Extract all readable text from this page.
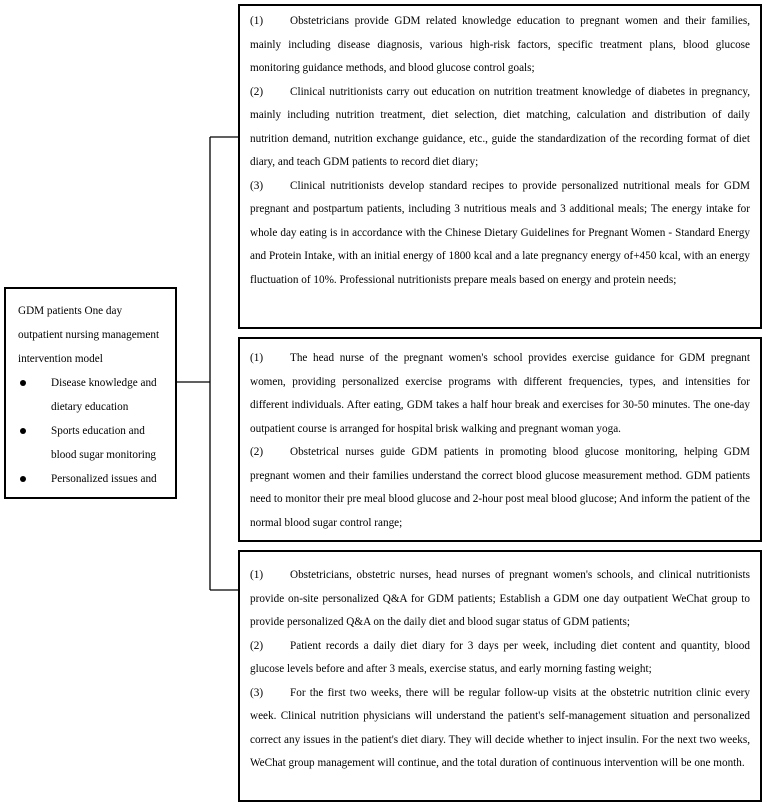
GDM patients One day outpatient nursing management intervention model

Disease knowledge and dietary education
Sports education and blood sugar monitoring
Personalized issues and

(1) Obstetricians provide GDM related knowledge education to pregnant women and their families, mainly including disease diagnosis, various high-risk factors, specific treatment plans, blood glucose monitoring guidance methods, and blood glucose control goals;

(2) Clinical nutritionists carry out education on nutrition treatment knowledge of diabetes in pregnancy, mainly including nutrition treatment, diet selection, diet matching, calculation and distribution of daily nutrition demand, nutrition exchange guidance, etc., guide the standardization of the recording format of diet diary, and teach GDM patients to record diet diary;

(3) Clinical nutritionists develop standard recipes to provide personalized nutritional meals for GDM pregnant and postpartum patients, including 3 nutritious meals and 3 additional meals; The energy intake for whole day eating is in accordance with the Chinese Dietary Guidelines for Pregnant Women - Standard Energy and Protein Intake, with an initial energy of 1800 kcal and a late pregnancy energy of+450 kcal, with an energy fluctuation of 10%. Professional nutritionists prepare meals based on energy and protein needs;

(1) The head nurse of the pregnant women's school provides exercise guidance for GDM pregnant women, providing personalized exercise programs with different frequencies, types, and intensities for different individuals. After eating, GDM takes a half hour break and exercises for 30-50 minutes. The one-day outpatient course is arranged for hospital brisk walking and pregnant woman yoga.

(2) Obstetrical nurses guide GDM patients in promoting blood glucose monitoring, helping GDM pregnant women and their families understand the correct blood glucose measurement method. GDM patients need to monitor their pre meal blood glucose and 2-hour post meal blood glucose; And inform the patient of the normal blood sugar control range;

(1) Obstetricians, obstetric nurses, head nurses of pregnant women's schools, and clinical nutritionists provide on-site personalized Q&A for GDM patients; Establish a GDM one day outpatient WeChat group to provide personalized Q&A on the daily diet and blood sugar status of GDM patients;

(2) Patient records a daily diet diary for 3 days per week, including diet content and quantity, blood glucose levels before and after 3 meals, exercise status, and early morning fasting weight;

(3) For the first two weeks, there will be regular follow-up visits at the obstetric nutrition clinic every week. Clinical nutrition physicians will understand the patient's self-management situation and personalized correct any issues in the patient's diet diary. They will decide whether to inject insulin. For the next two weeks, WeChat group management will continue, and the total duration of continuous intervention will be one month.
